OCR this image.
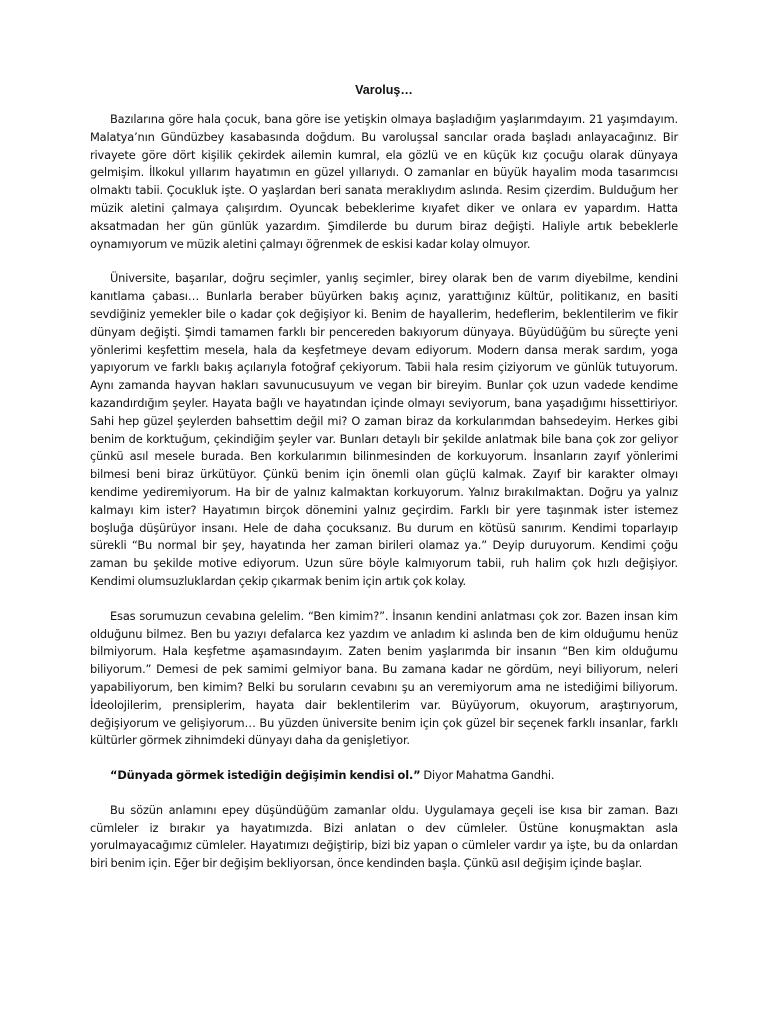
Varoluş…

Bazılarına göre hala çocuk, bana göre ise yetişkin olmaya başladığım yaşlarımdayım. 21 yaşımdayım. Malatya’nın Gündüzbey kasabasında doğdum. Bu varoluşsal sancılar orada başladı anlayacağınız. Bir rivayete göre dört kişilik çekirdek ailemin kumral, ela gözlü ve en küçük kız çocuğu olarak dünyaya gelmişim. İlkokul yıllarım hayatımın en güzel yıllarıydı. O zamanlar en büyük hayalim moda tasarımcısı olmaktı tabii. Çocukluk işte. O yaşlardan beri sanata meraklıydım aslında. Resim çizerdim. Bulduğum her müzik aletini çalmaya çalışırdım. Oyuncak bebeklerime kıyafet diker ve onlara ev yapardım. Hatta aksatmadan her gün günlük yazardım. Şimdilerde bu durum biraz değişti. Haliyle artık bebeklerle oynamıyorum ve müzik aletini çalmayı öğrenmek de eskisi kadar kolay olmuyor.

Üniversite, başarılar, doğru seçimler, yanlış seçimler, birey olarak ben de varım diyebilme, kendini kanıtlama çabası… Bunlarla beraber büyürken bakış açınız, yarattığınız kültür, politikanız, en basiti sevdiğiniz yemekler bile o kadar çok değişiyor ki. Benim de hayallerim, hedeflerim, beklentilerim ve fikir dünyam değişti. Şimdi tamamen farklı bir pencereden bakıyorum dünyaya. Büyüdüğüm bu süreçte yeni yönlerimi keşfettim mesela, hala da keşfetmeye devam ediyorum. Modern dansa merak sardım, yoga yapıyorum ve farklı bakış açılarıyla fotoğraf çekiyorum. Tabii hala resim çiziyorum ve günlük tutuyorum. Aynı zamanda hayvan hakları savunucusuyum ve vegan bir bireyim. Bunlar çok uzun vadede kendime kazandırdığım şeyler. Hayata bağlı ve hayatından içinde olmayı seviyorum, bana yaşadığımı hissettiriyor. Sahi hep güzel şeylerden bahsettim değil mi? O zaman biraz da korkularımdan bahsedeyim. Herkes gibi benim de korktuğum, çekindiğim şeyler var. Bunları detaylı bir şekilde anlatmak bile bana çok zor geliyor çünkü asıl mesele burada. Ben korkularımın bilinmesinden de korkuyorum. İnsanların zayıf yönlerimi bilmesi beni biraz ürkütüyor. Çünkü benim için önemli olan güçlü kalmak. Zayıf bir karakter olmayı kendime yediremiyorum. Ha bir de yalnız kalmaktan korkuyorum. Yalnız bırakılmaktan. Doğru ya yalnız kalmayı kim ister? Hayatımın birçok dönemini yalnız geçirdim. Farklı bir yere taşınmak ister istemez boşluğa düşürüyor insanı. Hele de daha çocuksanız. Bu durum en kötüsü sanırım. Kendimi toparlayıp sürekli “Bu normal bir şey, hayatında her zaman birileri olamaz ya.” Deyip duruyorum. Kendimi çoğu zaman bu şekilde motive ediyorum. Uzun süre böyle kalmıyorum tabii, ruh halim çok hızlı değişiyor. Kendimi olumsuzluklardan çekip çıkarmak benim için artık çok kolay.

Esas sorumuzun cevabına gelelim. “Ben kimim?”. İnsanın kendini anlatması çok zor. Bazen insan kim olduğunu bilmez. Ben bu yazıyı defalarca kez yazdım ve anladım ki aslında ben de kim olduğumu henüz bilmiyorum. Hala keşfetme aşamasındayım. Zaten benim yaşlarımda bir insanın “Ben kim olduğumu biliyorum.” Demesi de pek samimi gelmiyor bana. Bu zamana kadar ne gördüm, neyi biliyorum, neleri yapabiliyorum, ben kimim? Belki bu soruların cevabını şu an veremiyorum ama ne istediğimi biliyorum. İdeolojilerim, prensiplerim, hayata dair beklentilerim var. Büyüyorum, okuyorum, araştırıyorum, değişiyorum ve gelişiyorum… Bu yüzden üniversite benim için çok güzel bir seçenek farklı insanlar, farklı kültürler görmek zihnimdeki dünyayı daha da genişletiyor.

“Dünyada görmek istediğin değişimin kendisi ol.” Diyor Mahatma Gandhi.

Bu sözün anlamını epey düşündüğüm zamanlar oldu. Uygulamaya geçeli ise kısa bir zaman. Bazı cümleler iz bırakır ya hayatımızda. Bizi anlatan o dev cümleler. Üstüne konuşmaktan asla yorulmayacağımız cümleler. Hayatımızı değiştirip, bizi biz yapan o cümleler vardır ya işte, bu da onlardan biri benim için. Eğer bir değişim bekliyorsan, önce kendinden başla. Çünkü asıl değişim içinde başlar.
